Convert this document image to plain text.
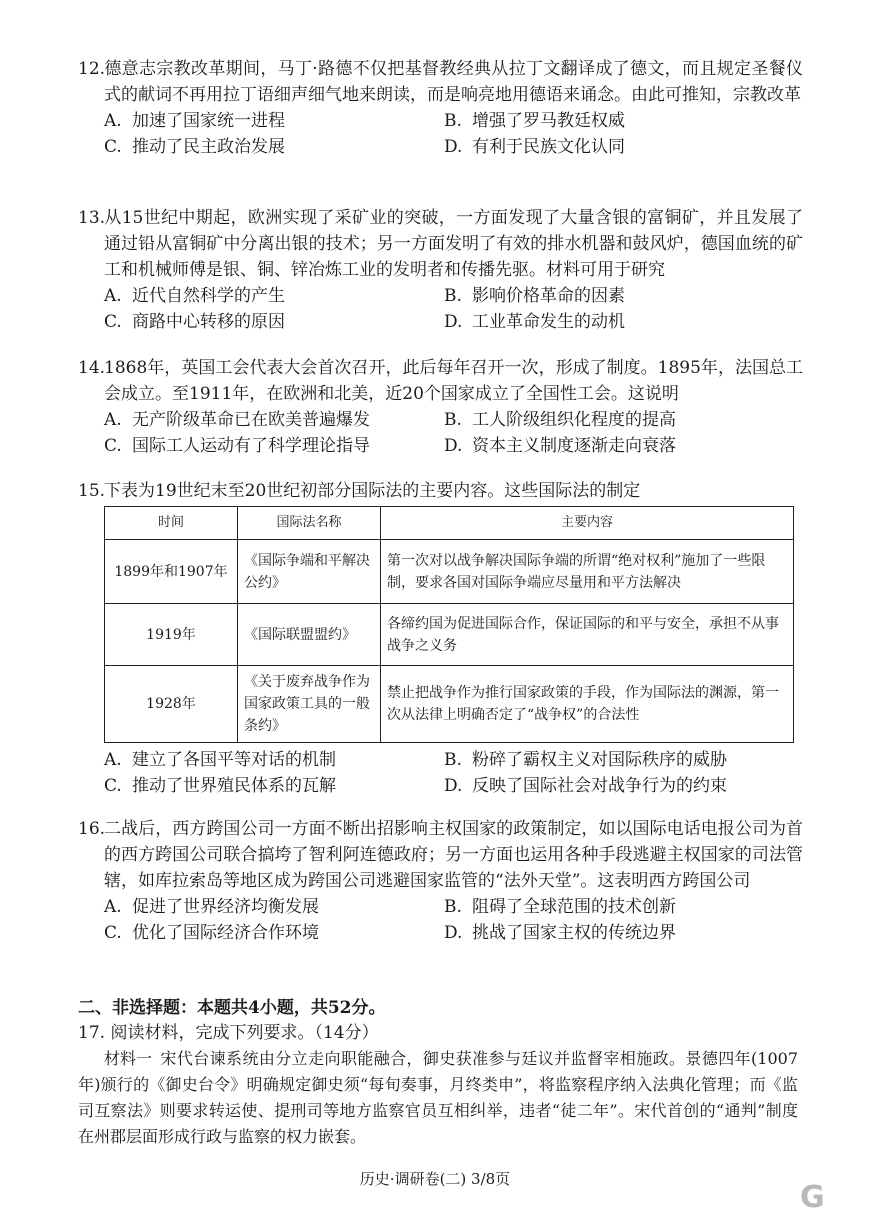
12.德意志宗教改革期间，马丁·路德不仅把基督教经典从拉丁文翻译成了德文，而且规定圣餐仪式的献词不再用拉丁语细声细气地来朗读，而是响亮地用德语来诵念。由此可推知，宗教改革

A. 加速了国家统一进程	B. 增强了罗马教廷权威
C. 推动了民主政治发展	D. 有利于民族文化认同

13.从15世纪中期起，欧洲实现了采矿业的突破，一方面发现了大量含银的富铜矿，并且发展了通过铅从富铜矿中分离出银的技术；另一方面发明了有效的排水机器和鼓风炉，德国血统的矿工和机械师傅是银、铜、锌冶炼工业的发明者和传播先驱。材料可用于研究

A. 近代自然科学的产生	B. 影响价格革命的因素
C. 商路中心转移的原因	D. 工业革命发生的动机

14.1868年，英国工会代表大会首次召开，此后每年召开一次，形成了制度。1895年，法国总工会成立。至1911年，在欧洲和北美，近20个国家成立了全国性工会。这说明

A. 无产阶级革命已在欧美普遍爆发	B. 工人阶级组织化程度的提高
C. 国际工人运动有了科学理论指导	D. 资本主义制度逐渐走向衰落

15.下表为19世纪末至20世纪初部分国际法的主要内容。这些国际法的制定

时间	国际法名称	主要内容
1899年和1907年	《国际争端和平解决公约》	第一次对以战争解决国际争端的所谓“绝对权利”施加了一些限制，要求各国对国际争端应尽量用和平方法解决
1919年	《国际联盟盟约》	各缔约国为促进国际合作，保证国际的和平与安全，承担不从事战争之义务
1928年	《关于废弃战争作为国家政策工具的一般条约》	禁止把战争作为推行国家政策的手段，作为国际法的渊源，第一次从法律上明确否定了“战争权”的合法性
A. 建立了各国平等对话的机制	B. 粉碎了霸权主义对国际秩序的威胁
C. 推动了世界殖民体系的瓦解	D. 反映了国际社会对战争行为的约束

16.二战后，西方跨国公司一方面不断出招影响主权国家的政策制定，如以国际电话电报公司为首的西方跨国公司联合搞垮了智利阿连德政府；另一方面也运用各种手段逃避主权国家的司法管辖，如库拉索岛等地区成为跨国公司逃避国家监管的“法外天堂”。这表明西方跨国公司

A. 促进了世界经济均衡发展	B. 阻碍了全球范围的技术创新
C. 优化了国际经济合作环境	D. 挑战了国家主权的传统边界
二、非选择题：本题共4小题，共52分。
17. 阅读材料，完成下列要求。（14分）
材料一 宋代台谏系统由分立走向职能融合，御史获准参与廷议并监督宰相施政。景德四年(1007年)颁行的《御史台令》明确规定御史须“每旬奏事，月终类申”，将监察程序纳入法典化管理；而《监司互察法》则要求转运使、提刑司等地方监察官员互相纠举，违者“徒二年”。宋代首创的“通判”制度在州郡层面形成行政与监察的权力嵌套。
历史·调研卷(二) 3/8页
G
